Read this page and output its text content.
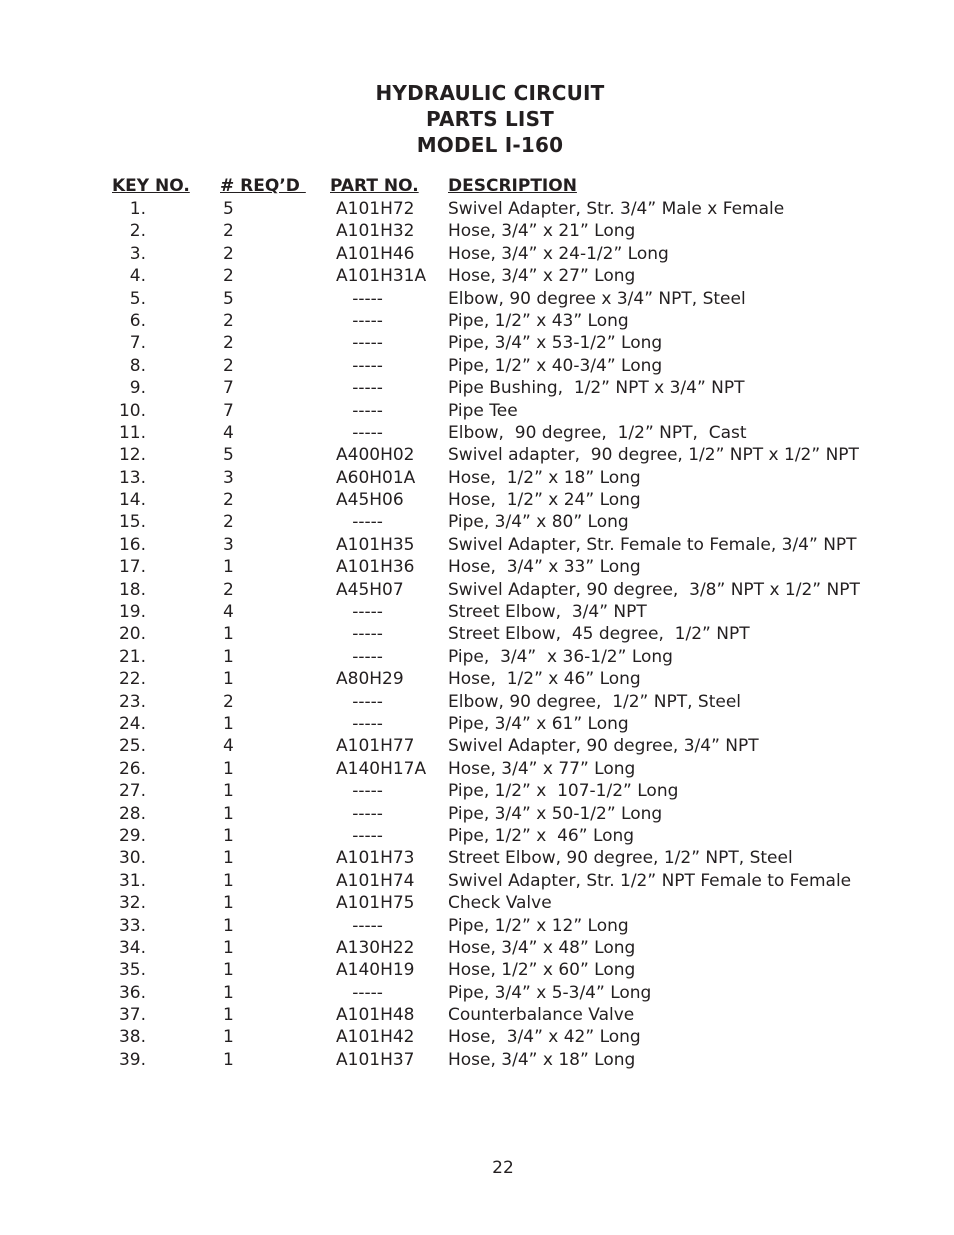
HYDRAULIC CIRCUIT
PARTS LIST
MODEL I-160
KEY NO. # REQ’D PART NO. DESCRIPTION
1.	5	A101H72 Swivel Adapter, Str. 3/4” Male x Female
2.	2	A101H32 Hose, 3/4” x 21” Long
3.	2	A101H46 Hose, 3/4” x 24-1/2” Long
4.	2	A101H31A Hose, 3/4” x 27” Long
5.	5	-----	Elbow, 90 degree x 3/4” NPT, Steel
6.	2	-----	Pipe, 1/2” x 43” Long
7.	2	-----	Pipe, 3/4” x 53-1/2” Long
8.	2	-----	Pipe, 1/2” x 40-3/4” Long
9.	7	-----	Pipe Bushing,  1/2” NPT x 3/4” NPT
10.	7	-----	Pipe Tee
11.	4	-----	Elbow,  90 degree,  1/2” NPT,  Cast
12.	5	A400H02 Swivel adapter,  90 degree, 1/2” NPT x 1/2” NPT
13.	3	A60H01A Hose,  1/2” x 18” Long
14.	2	A45H06	Hose,  1/2” x 24” Long
15.	2	-----	Pipe, 3/4” x 80” Long
16.	3	A101H35 Swivel Adapter, Str. Female to Female, 3/4” NPT
17.	1	A101H36 Hose,  3/4” x 33” Long
18.	2	A45H07	Swivel Adapter, 90 degree,  3/8” NPT x 1/2” NPT
19.	4	-----	Street Elbow,  3/4” NPT
20.	1	-----	Street Elbow,  45 degree,  1/2” NPT
21.	1	-----	Pipe,  3/4”  x 36-1/2” Long
22.	1	A80H29	Hose,  1/2” x 46” Long
23.	2	-----	Elbow, 90 degree,  1/2” NPT, Steel
24.	1	-----	Pipe, 3/4” x 61” Long
25.	4	A101H77 Swivel Adapter, 90 degree, 3/4” NPT
26.	1	A140H17A Hose, 3/4” x 77” Long
27.	1	-----	Pipe, 1/2” x  107-1/2” Long
28.	1	-----	Pipe, 3/4” x 50-1/2” Long
29.	1	-----	Pipe, 1/2” x  46” Long
30.	1	A101H73 Street Elbow, 90 degree, 1/2” NPT, Steel
31.	1	A101H74 Swivel Adapter, Str. 1/2” NPT Female to Female
32.	1	A101H75 Check Valve
33.	1	-----	Pipe, 1/2” x 12” Long
34.	1	A130H22 Hose, 3/4” x 48” Long
35.	1	A140H19 Hose, 1/2” x 60” Long
36.	1	-----	Pipe, 3/4” x 5-3/4” Long
37.	1	A101H48 Counterbalance Valve
38.	1	A101H42 Hose,  3/4” x 42” Long
39.	1	A101H37 Hose, 3/4” x 18” Long
22
